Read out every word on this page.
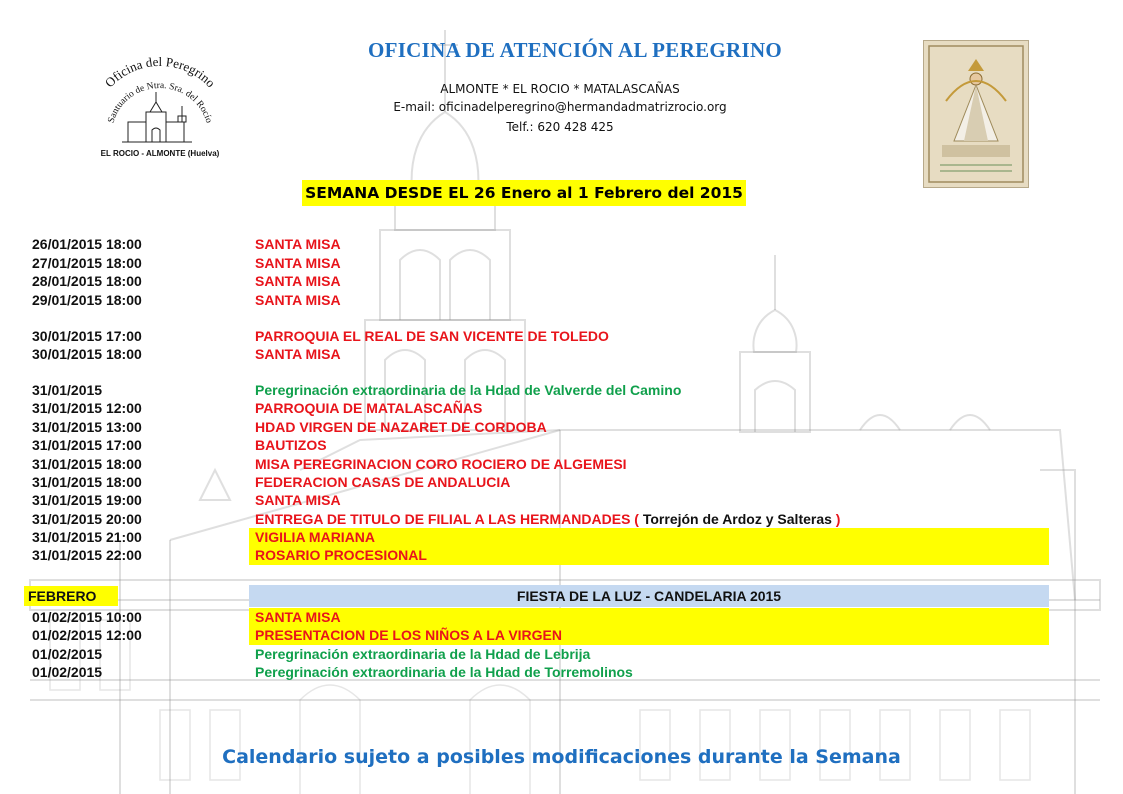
Oficina del Peregrino
Santuario de Ntra. Sra. del Rocío
EL ROCIO - ALMONTE (Huelva)
OFICINA DE ATENCIÓN AL PEREGRINO
ALMONTE * EL ROCIO * MATALASCAÑAS
E-mail: oficinadelperegrino@hermandadmatrizrocio.org
Telf.: 620 428 425
SEMANA DESDE EL 26 Enero al 1 Febrero del 2015
26/01/2015 18:00	SANTA MISA
27/01/2015 18:00	SANTA MISA
28/01/2015 18:00	SANTA MISA
29/01/2015 18:00	SANTA MISA
30/01/2015 17:00	PARROQUIA EL REAL DE SAN VICENTE DE TOLEDO
30/01/2015 18:00	SANTA MISA
31/01/2015	Peregrinación extraordinaria de la Hdad de Valverde del Camino
31/01/2015 12:00	PARROQUIA DE MATALASCAÑAS
31/01/2015 13:00	HDAD VIRGEN DE NAZARET DE CORDOBA
31/01/2015 17:00	BAUTIZOS
31/01/2015 18:00	MISA PEREGRINACION CORO ROCIERO DE ALGEMESI
31/01/2015 18:00	FEDERACION CASAS DE ANDALUCIA
31/01/2015 19:00	SANTA MISA
31/01/2015 20:00	ENTREGA DE TITULO DE FILIAL A LAS HERMANDADES ( Torrejón de Ardoz y Salteras )
31/01/2015 21:00	VIGILIA MARIANA
31/01/2015 22:00	ROSARIO PROCESIONAL
FEBRERO	FIESTA DE LA LUZ - CANDELARIA 2015
01/02/2015 10:00	SANTA MISA
01/02/2015 12:00	PRESENTACION DE LOS NIÑOS A LA VIRGEN
01/02/2015	Peregrinación extraordinaria de la Hdad de Lebrija
01/02/2015	Peregrinación extraordinaria de la Hdad de Torremolinos
Calendario sujeto a posibles modificaciones durante la Semana
